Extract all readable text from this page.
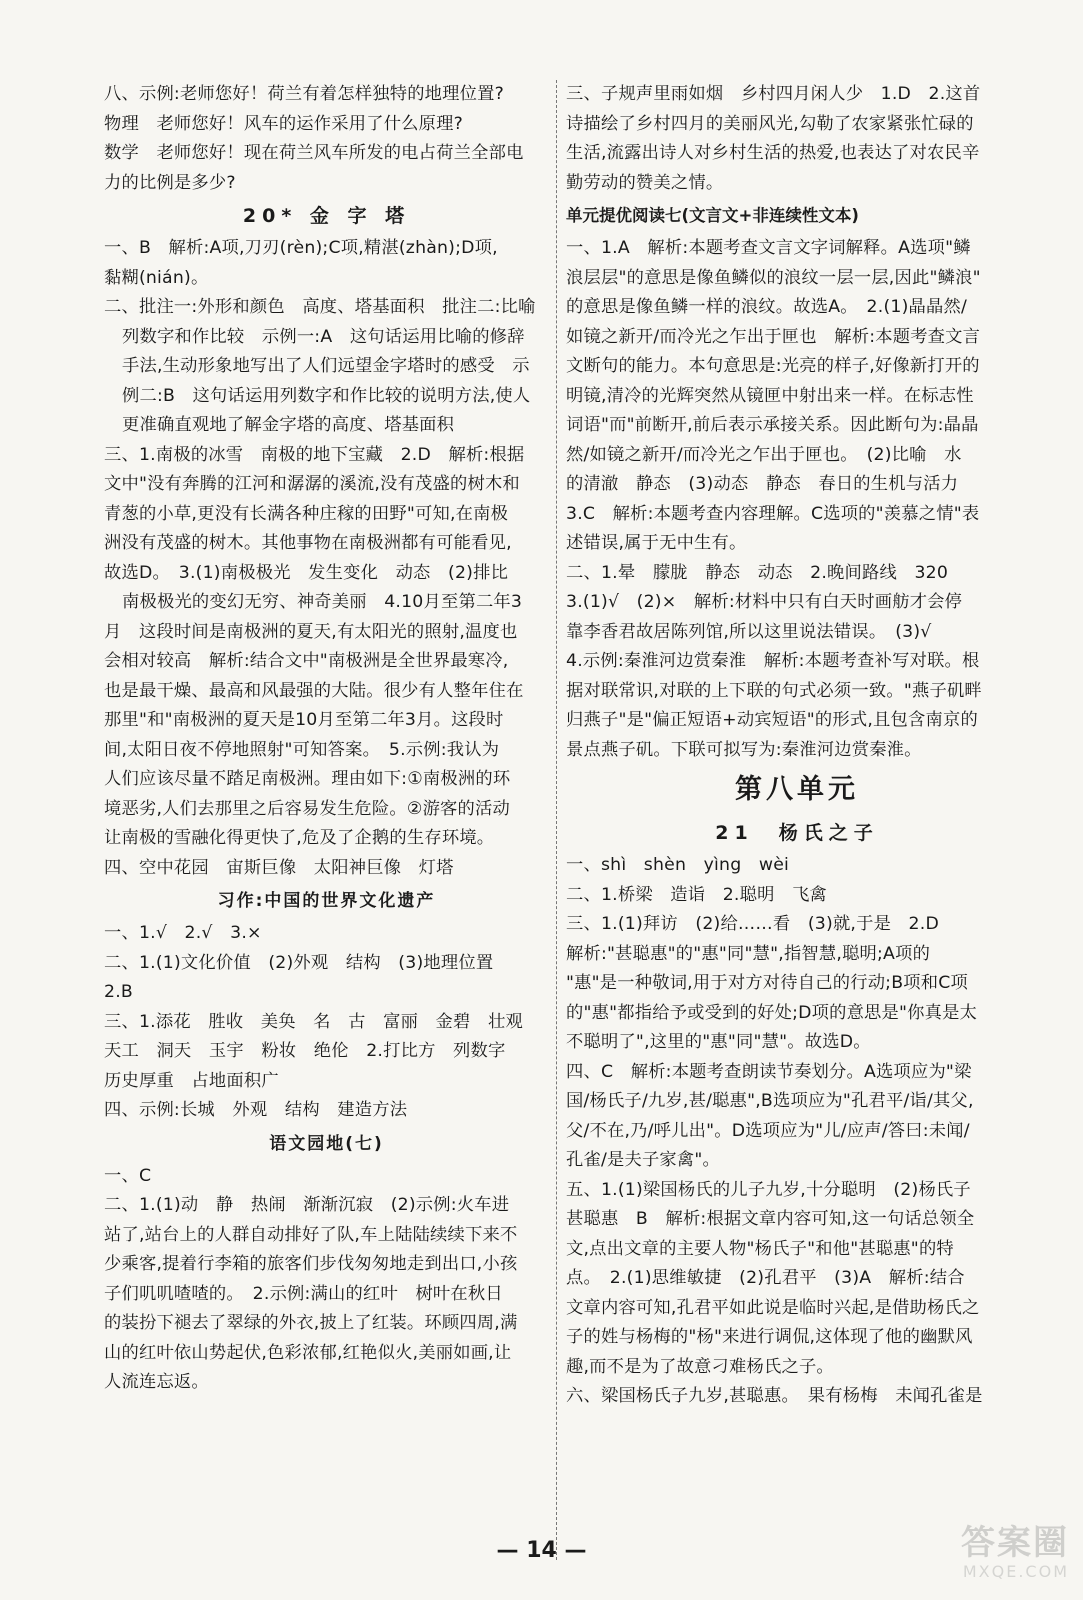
八、示例:老师您好！荷兰有着怎样独特的地理位置?
物理　老师您好！风车的运作采用了什么原理?
数学　老师您好！现在荷兰风车所发的电占荷兰全部电
力的比例是多少?
20* 金 字 塔
一、B　解析:A项,刀刃(rèn);C项,精湛(zhàn);D项,
黏糊(nián)。
二、批注一:外形和颜色　高度、塔基面积　批注二:比喻
列数字和作比较　示例一:A　这句话运用比喻的修辞
手法,生动形象地写出了人们远望金字塔时的感受　示
例二:B　这句话运用列数字和作比较的说明方法,使人
更准确直观地了解金字塔的高度、塔基面积
三、1.南极的冰雪　南极的地下宝藏　2.D　解析:根据
文中"没有奔腾的江河和潺潺的溪流,没有茂盛的树木和
青葱的小草,更没有长满各种庄稼的田野"可知,在南极
洲没有茂盛的树木。其他事物在南极洲都有可能看见,
故选D。　3.(1)南极极光　发生变化　动态　(2)排比
南极极光的变幻无穷、神奇美丽　4.10月至第二年3
月　这段时间是南极洲的夏天,有太阳光的照射,温度也
会相对较高　解析:结合文中"南极洲是全世界最寒冷,
也是最干燥、最高和风最强的大陆。很少有人整年住在
那里"和"南极洲的夏天是10月至第二年3月。这段时
间,太阳日夜不停地照射"可知答案。　5.示例:我认为
人们应该尽量不踏足南极洲。理由如下:①南极洲的环
境恶劣,人们去那里之后容易发生危险。②游客的活动
让南极的雪融化得更快了,危及了企鹅的生存环境。
四、空中花园　宙斯巨像　太阳神巨像　灯塔
习作:中国的世界文化遗产
一、1.√　2.√　3.×
二、1.(1)文化价值　(2)外观　结构　(3)地理位置
2.B
三、1.添花　胜收　美奂　名　古　富丽　金碧　壮观
天工　洞天　玉宇　粉妆　绝伦　2.打比方　列数字
历史厚重　占地面积广
四、示例:长城　外观　结构　建造方法
语文园地(七)
一、C
二、1.(1)动　静　热闹　渐渐沉寂　(2)示例:火车进
站了,站台上的人群自动排好了队,车上陆陆续续下来不
少乘客,提着行李箱的旅客们步伐匆匆地走到出口,小孩
子们叽叽喳喳的。　2.示例:满山的红叶　树叶在秋日
的装扮下褪去了翠绿的外衣,披上了红装。环顾四周,满
山的红叶依山势起伏,色彩浓郁,红艳似火,美丽如画,让
人流连忘返。
三、子规声里雨如烟　乡村四月闲人少　1.D　2.这首
诗描绘了乡村四月的美丽风光,勾勒了农家紧张忙碌的
生活,流露出诗人对乡村生活的热爱,也表达了对农民辛
勤劳动的赞美之情。
单元提优阅读七(文言文+非连续性文本)
一、1.A　解析:本题考查文言文字词解释。A选项"鳞
浪层层"的意思是像鱼鳞似的浪纹一层一层,因此"鳞浪"
的意思是像鱼鳞一样的浪纹。故选A。　2.(1)晶晶然/
如镜之新开/而冷光之乍出于匣也　解析:本题考查文言
文断句的能力。本句意思是:光亮的样子,好像新打开的
明镜,清冷的光辉突然从镜匣中射出来一样。在标志性
词语"而"前断开,前后表示承接关系。因此断句为:晶晶
然/如镜之新开/而冷光之乍出于匣也。　(2)比喻　水
的清澈　静态　(3)动态　静态　春日的生机与活力
3.C　解析:本题考查内容理解。C选项的"羡慕之情"表
述错误,属于无中生有。
二、1.晕　朦胧　静态　动态　2.晚间路线　320
3.(1)√　(2)×　解析:材料中只有白天时画舫才会停
靠李香君故居陈列馆,所以这里说法错误。　(3)√
4.示例:秦淮河边赏秦淮　解析:本题考查补写对联。根
据对联常识,对联的上下联的句式必须一致。"燕子矶畔
归燕子"是"偏正短语+动宾短语"的形式,且包含南京的
景点燕子矶。下联可拟写为:秦淮河边赏秦淮。
第八单元
21　杨氏之子
一、shì　shèn　yìng　wèi
二、1.桥梁　造诣　2.聪明　飞禽
三、1.(1)拜访　(2)给……看　(3)就,于是　2.D
解析:"甚聪惠"的"惠"同"慧",指智慧,聪明;A项的
"惠"是一种敬词,用于对方对待自己的行动;B项和C项
的"惠"都指给予或受到的好处;D项的意思是"你真是太
不聪明了",这里的"惠"同"慧"。故选D。
四、C　解析:本题考查朗读节奏划分。A选项应为"梁
国/杨氏子/九岁,甚/聪惠",B选项应为"孔君平/诣/其父,
父/不在,乃/呼儿出"。D选项应为"儿/应声/答曰:未闻/
孔雀/是夫子家禽"。
五、1.(1)梁国杨氏的儿子九岁,十分聪明　(2)杨氏子
甚聪惠　B　解析:根据文章内容可知,这一句话总领全
文,点出文章的主要人物"杨氏子"和他"甚聪惠"的特
点。　2.(1)思维敏捷　(2)孔君平　(3)A　解析:结合
文章内容可知,孔君平如此说是临时兴起,是借助杨氏之
子的姓与杨梅的"杨"来进行调侃,这体现了他的幽默风
趣,而不是为了故意刁难杨氏之子。
六、梁国杨氏子九岁,甚聪惠。　果有杨梅　未闻孔雀是
— 14 —	答案圈
MXQE.COM
